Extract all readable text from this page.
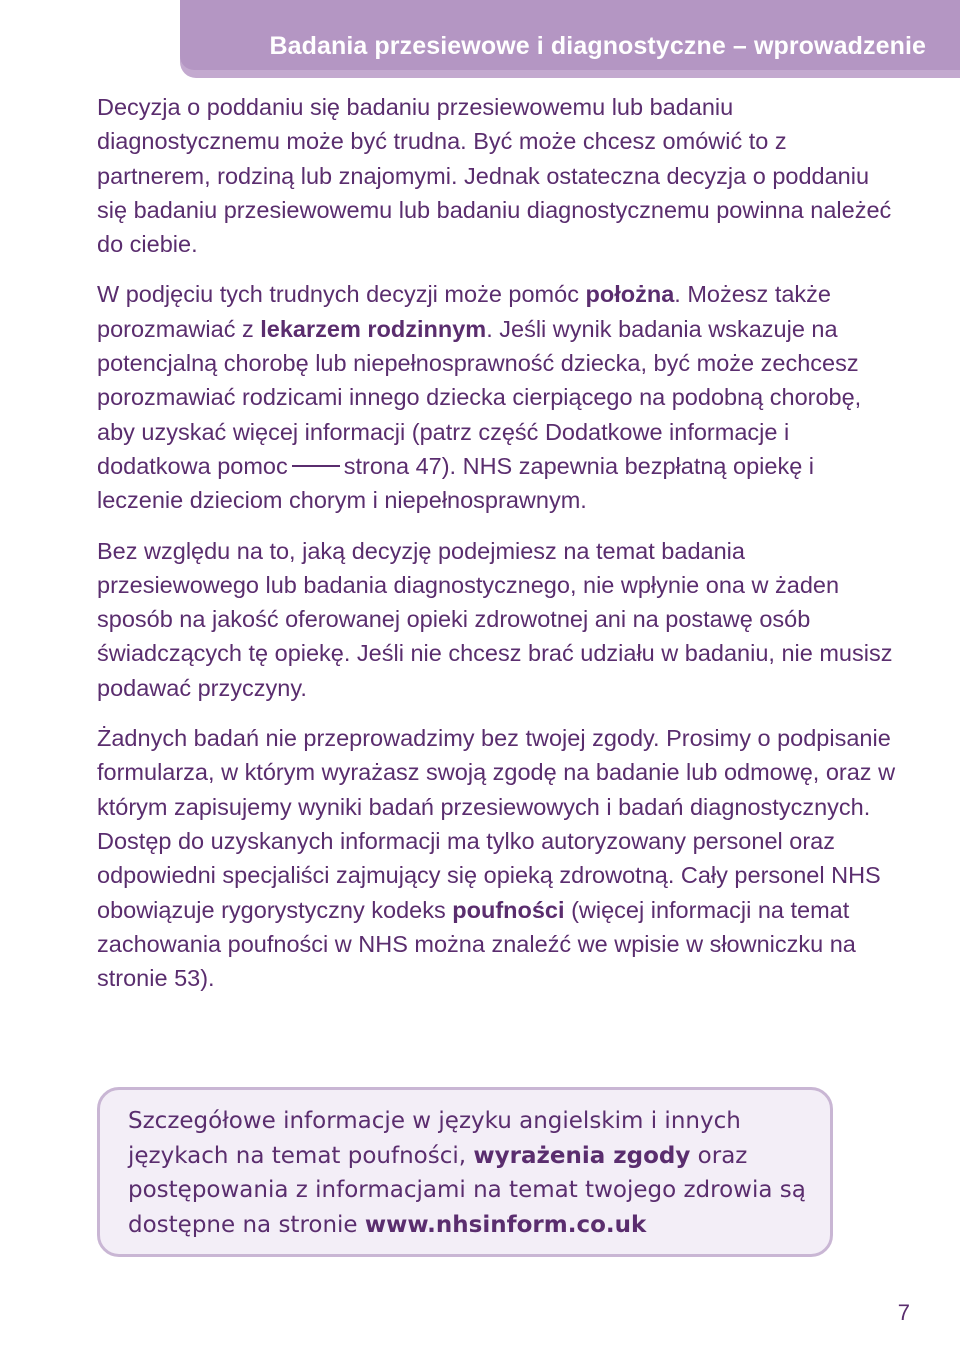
Badania przesiewowe i diagnostyczne – wprowadzenie

Decyzja o poddaniu się badaniu przesiewowemu lub badaniu diagnostycznemu może być trudna. Być może chcesz omówić to z partnerem, rodziną lub znajomymi. Jednak ostateczna decyzja o poddaniu się badaniu przesiewowemu lub badaniu diagnostycznemu powinna należeć do ciebie.

W podjęciu tych trudnych decyzji może pomóc położna. Możesz także porozmawiać z lekarzem rodzinnym. Jeśli wynik badania wskazuje na potencjalną chorobę lub niepełnosprawność dziecka, być może zechcesz porozmawiać rodzicami innego dziecka cierpiącego na podobną chorobę, aby uzyskać więcej informacji (patrz część Dodatkowe informacje i dodatkowa pomoc strona 47). NHS zapewnia bezpłatną opiekę i leczenie dzieciom chorym i niepełnosprawnym.

Bez względu na to, jaką decyzję podejmiesz na temat badania przesiewowego lub badania diagnostycznego, nie wpłynie ona w żaden sposób na jakość oferowanej opieki zdrowotnej ani na postawę osób świadczących tę opiekę. Jeśli nie chcesz brać udziału w badaniu, nie musisz podawać przyczyny.

Żadnych badań nie przeprowadzimy bez twojej zgody. Prosimy o podpisanie formularza, w którym wyrażasz swoją zgodę na badanie lub odmowę, oraz w którym zapisujemy wyniki badań przesiewowych i badań diagnostycznych. Dostęp do uzyskanych informacji ma tylko autoryzowany personel oraz odpowiedni specjaliści zajmujący się opieką zdrowotną. Cały personel NHS obowiązuje rygorystyczny kodeks poufności (więcej informacji na temat zachowania poufności w NHS można znaleźć we wpisie w słowniczku na stronie 53).

Szczegółowe informacje w języku angielskim i innych językach na temat poufności, wyrażenia zgody oraz postępowania z informacjami na temat twojego zdrowia są dostępne na stronie www.nhsinform.co.uk
7
